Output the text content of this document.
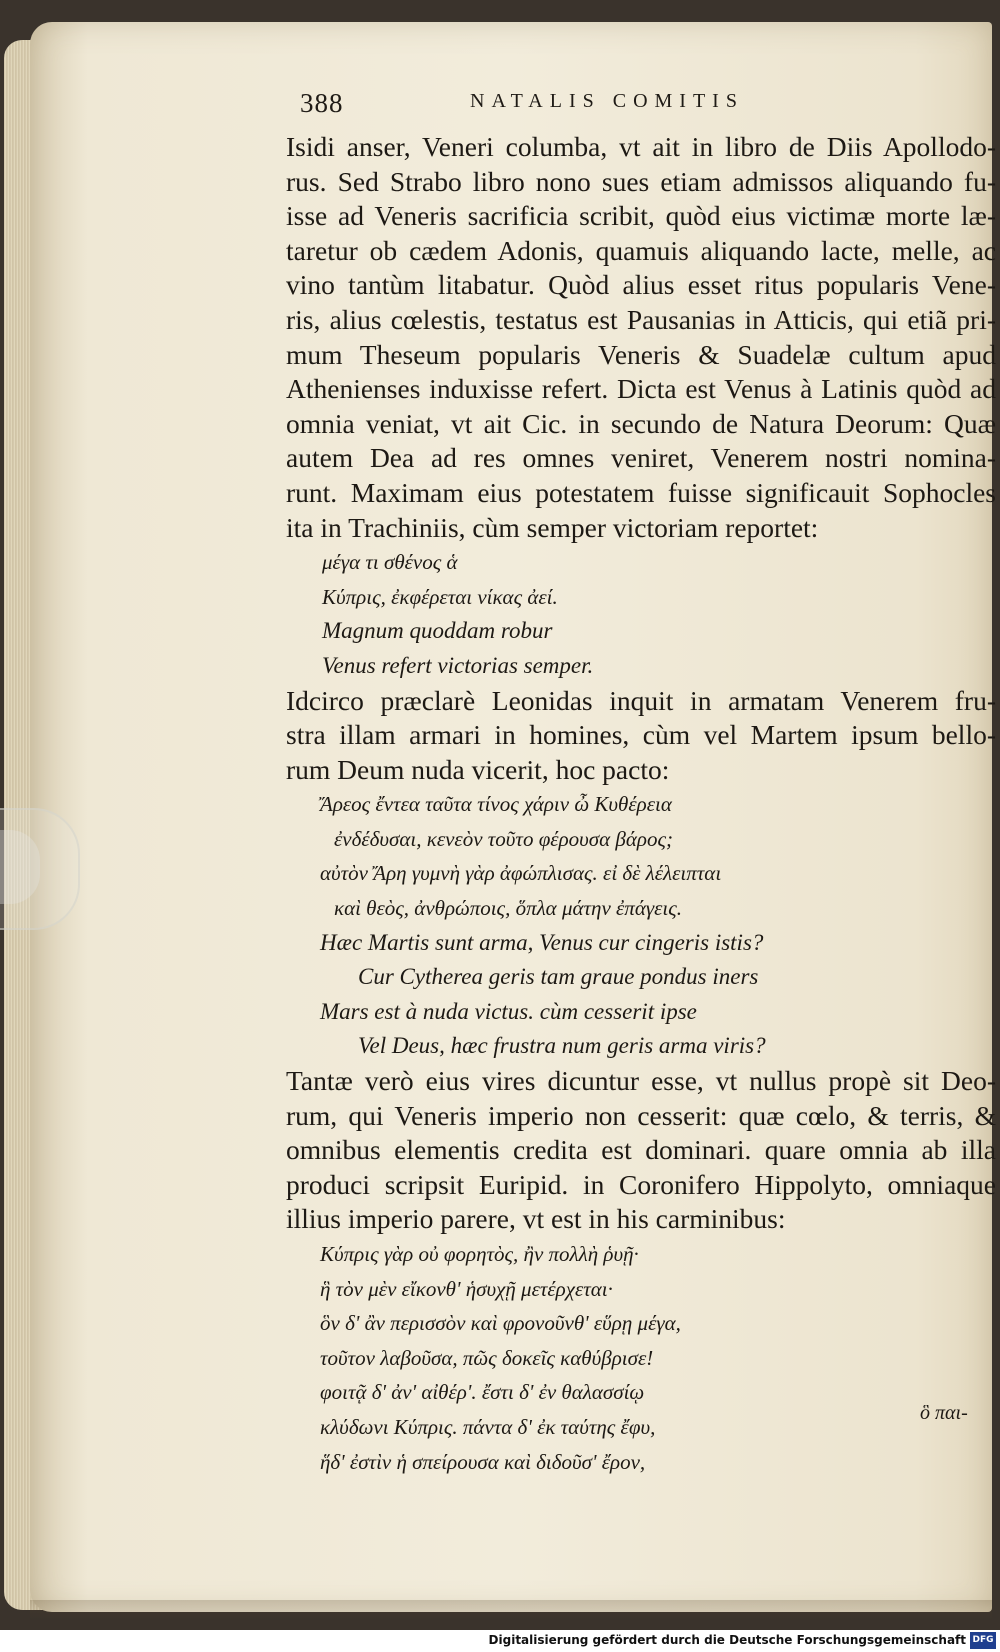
388	NATALIS COMITIS
Isidi anser, Veneri columba, vt ait in libro de Diis Apollodo-
rus. Sed Strabo libro nono sues etiam admissos aliquando fu-
isse ad Veneris sacrificia scribit, quòd eius victimæ morte læ-
taretur ob cædem Adonis, quamuis aliquando lacte, melle, ac
vino tantùm litabatur. Quòd alius esset ritus popularis Vene-
ris, alius cœlestis, testatus est Pausanias in Atticis, qui etiã pri-
mum Theseum popularis Veneris & Suadelæ cultum apud
Athenienses induxisse refert. Dicta est Venus à Latinis quòd ad
omnia veniat, vt ait Cic. in secundo de Natura Deorum: Quæ
autem Dea ad res omnes veniret, Venerem nostri nomina-
runt. Maximam eius potestatem fuisse significauit Sophocles
ita in Trachiniis, cùm semper victoriam reportet:
μέγα τι σθένος ἁ
Κύπρις, ἐκφέρεται νίκας ἀεί.
Magnum quoddam robur
Venus refert victorias semper.
Idcirco præclarè Leonidas inquit in armatam Venerem fru-
stra illam armari in homines, cùm vel Martem ipsum bello-
rum Deum nuda vicerit, hoc pacto:
Ἄρεος ἔντεα ταῦτα τίνος χάριν ὦ Κυθέρεια
ἐνδέδυσαι, κενεὸν τοῦτο φέρουσα βάρος;
αὐτὸν Ἄρη γυμνὴ γὰρ ἀφώπλισας. εἰ δὲ λέλειπται
καὶ θεὸς, ἀνθρώποις, ὅπλα μάτην ἐπάγεις.
Hæc Martis sunt arma, Venus cur cingeris istis?
Cur Cytherea geris tam graue pondus iners
Mars est à nuda victus. cùm cesserit ipse
Vel Deus, hæc frustra num geris arma viris?
Tantæ verò eius vires dicuntur esse, vt nullus propè sit Deo-
rum, qui Veneris imperio non cesserit: quæ cœlo, & terris, &
omnibus elementis credita est dominari. quare omnia ab illa
produci scripsit Euripid. in Coronifero Hippolyto, omniaque
illius imperio parere, vt est in his carminibus:
Κύπρις γὰρ οὐ φορητὸς, ἢν πολλὴ ῥυῇ·
ἣ τὸν μὲν εἴκονθ' ἡσυχῇ μετέρχεται·
ὃν δ' ἂν περισσὸν καὶ φρονοῦνθ' εὕρῃ μέγα,
τοῦτον λαβοῦσα, πῶς δοκεῖς καθύβρισε!
φοιτᾷ δ' ἀν' αἰθέρ'. ἔστι δ' ἐν θαλασσίῳ
κλύδωνι Κύπρις. πάντα δ' ἐκ ταύτης ἔφυ,
ἥδ' ἐστὶν ἡ σπείρουσα καὶ διδοῦσ' ἔρον,
ὃ παι-
Digitalisierung gefördert durch die Deutsche Forschungsgemeinschaft DFG
